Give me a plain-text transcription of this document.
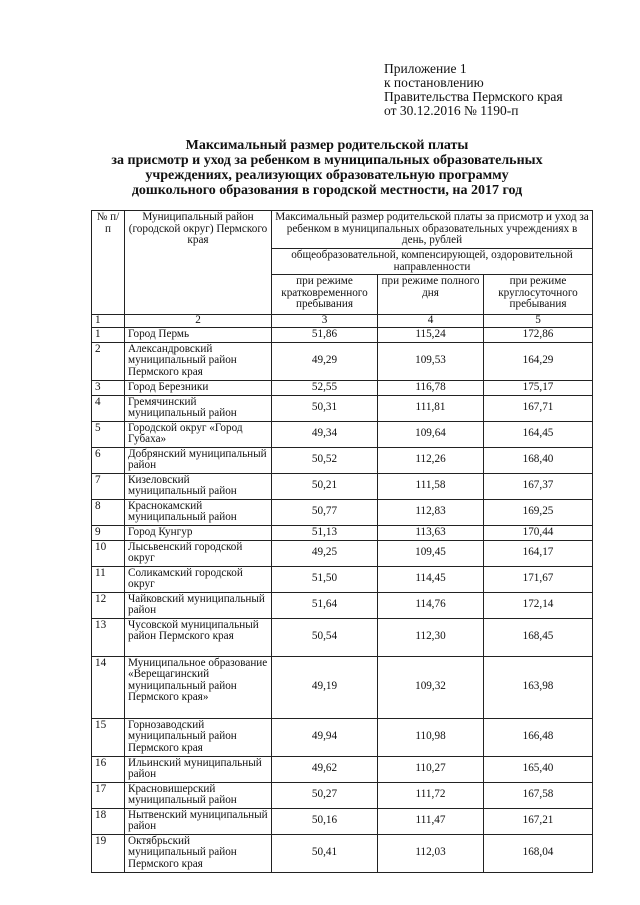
Приложение 1
к постановлению
Правительства Пермского края
от 30.12.2016 № 1190-п
Максимальный размер родительской платы
за присмотр и уход за ребенком в муниципальных образовательных
учреждениях, реализующих образовательную программу
дошкольного образования в городской местности, на 2017 год
№ п/п	Муниципальный район (городской округ) Пермского края	Максимальный размер родительской платы за присмотр и уход за ребенком в муниципальных образовательных учреждениях в день, рублей		
		общеобразовательной, компенсирующей, оздоровительной направленности		
		при режиме кратковременного пребывания	при режиме полного дня	при режиме круглосуточного пребывания
1	2	3	4	5
1	Город Пермь	51,86	115,24	172,86
2	Александровский муниципальный район Пермского края	49,29	109,53	164,29
3	Город Березники	52,55	116,78	175,17
4	Гремячинский муниципальный район	50,31	111,81	167,71
5	Городской округ «Город Губаха»	49,34	109,64	164,45
6	Добрянский муниципальный район	50,52	112,26	168,40
7	Кизеловский муниципальный район	50,21	111,58	167,37
8	Краснокамский муниципальный район	50,77	112,83	169,25
9	Город Кунгур	51,13	113,63	170,44
10	Лысьвенский городской округ	49,25	109,45	164,17
11	Соликамский городской округ	51,50	114,45	171,67
12	Чайковский муниципальный район	51,64	114,76	172,14
13	Чусовской муниципальный район Пермского края	50,54	112,30	168,45
14	Муниципальное образование «Верещагинский муниципальный район Пермского края»	49,19	109,32	163,98
15	Горнозаводский муниципальный район Пермского края	49,94	110,98	166,48
16	Ильинский муниципальный район	49,62	110,27	165,40
17	Красновишерский муниципальный район	50,27	111,72	167,58
18	Нытвенский муниципальный район	50,16	111,47	167,21
19	Октябрьский муниципальный район Пермского края	50,41	112,03	168,04
